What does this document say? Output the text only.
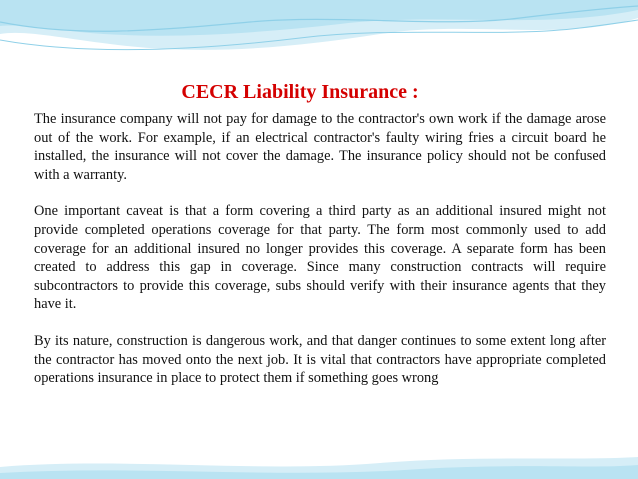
CECR Liability Insurance :

The insurance company will not pay for damage to the contractor's own work if the damage arose out of the work. For example, if an electrical contractor's faulty wiring fries a circuit board he installed, the insurance will not cover the damage. The insurance policy should not be confused with a warranty.

One important caveat is that a form covering a third party as an additional insured might not provide completed operations coverage for that party. The form most commonly used to add coverage for an additional insured no longer provides this coverage. A separate form has been created to address this gap in coverage. Since many construction contracts will require subcontractors to provide this coverage, subs should verify with their insurance agents that they have it.

By its nature, construction is dangerous work, and that danger continues to some extent long after the contractor has moved onto the next job. It is vital that contractors have appropriate completed operations insurance in place to protect them if something goes wrong
